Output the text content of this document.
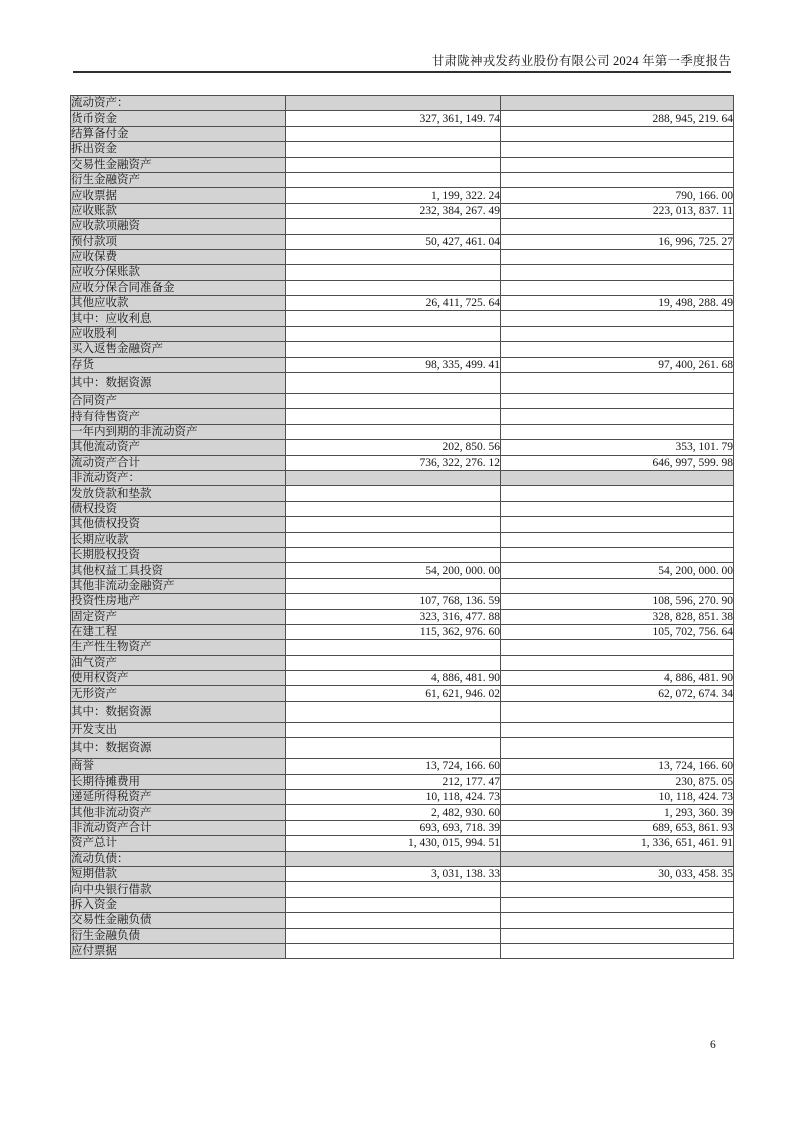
甘肃陇神戎发药业股份有限公司 2024 年第一季度报告
流动资产：		
货币资金	327, 361, 149. 74	288, 945, 219. 64
结算备付金		
拆出资金		
交易性金融资产		
衍生金融资产		
应收票据	1, 199, 322. 24	790, 166. 00
应收账款	232, 384, 267. 49	223, 013, 837. 11
应收款项融资		
预付款项	50, 427, 461. 04	16, 996, 725. 27
应收保费		
应收分保账款		
应收分保合同准备金		
其他应收款	26, 411, 725. 64	19, 498, 288. 49
其中：应收利息		
应收股利		
买入返售金融资产		
存货	98, 335, 499. 41	97, 400, 261. 68
其中：数据资源		
合同资产		
持有待售资产		
一年内到期的非流动资产		
其他流动资产	202, 850. 56	353, 101. 79
流动资产合计	736, 322, 276. 12	646, 997, 599. 98
非流动资产：		
发放贷款和垫款		
债权投资		
其他债权投资		
长期应收款		
长期股权投资		
其他权益工具投资	54, 200, 000. 00	54, 200, 000. 00
其他非流动金融资产		
投资性房地产	107, 768, 136. 59	108, 596, 270. 90
固定资产	323, 316, 477. 88	328, 828, 851. 38
在建工程	115, 362, 976. 60	105, 702, 756. 64
生产性生物资产		
油气资产		
使用权资产	4, 886, 481. 90	4, 886, 481. 90
无形资产	61, 621, 946. 02	62, 072, 674. 34
其中：数据资源		
开发支出		
其中：数据资源		
商誉	13, 724, 166. 60	13, 724, 166. 60
长期待摊费用	212, 177. 47	230, 875. 05
递延所得税资产	10, 118, 424. 73	10, 118, 424. 73
其他非流动资产	2, 482, 930. 60	1, 293, 360. 39
非流动资产合计	693, 693, 718. 39	689, 653, 861. 93
资产总计	1, 430, 015, 994. 51	1, 336, 651, 461. 91
流动负债：		
短期借款	3, 031, 138. 33	30, 033, 458. 35
向中央银行借款		
拆入资金		
交易性金融负债		
衍生金融负债		
应付票据		
6
